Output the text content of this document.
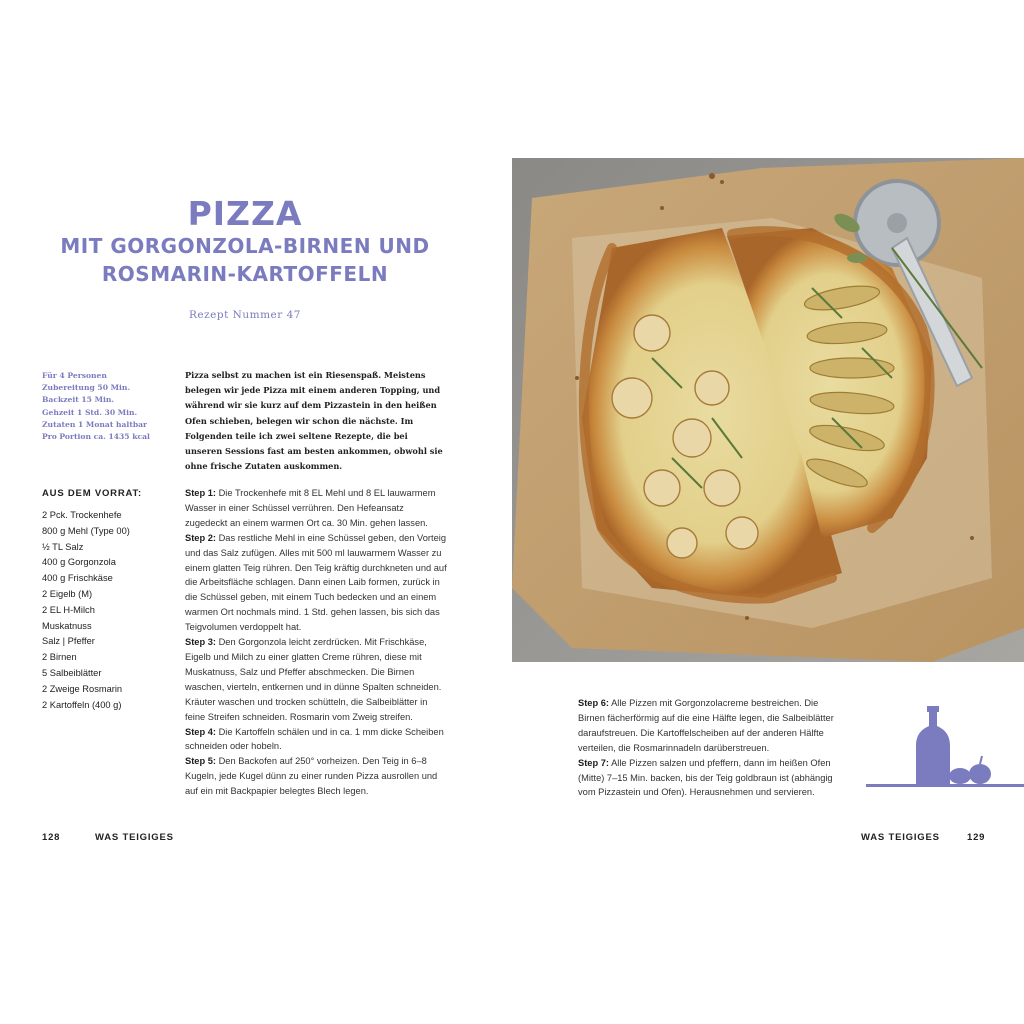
PIZZA
MIT GORGONZOLA-BIRNEN UND
ROSMARIN-KARTOFFELN
Rezept Nummer 47
Für 4 Personen
Zubereitung 50 Min.
Backzeit 15 Min.
Gehzeit 1 Std. 30 Min.
Zutaten 1 Monat haltbar
Pro Portion ca. 1435 kcal

Pizza selbst zu machen ist ein Riesenspaß. Meistens belegen wir jede Pizza mit einem anderen Topping, und während wir sie kurz auf dem Pizzastein in den heißen Ofen schieben, belegen wir schon die nächste. Im Folgenden teile ich zwei seltene Rezepte, die bei unseren Sessions fast am besten ankommen, obwohl sie ohne frische Zutaten auskommen.

AUS DEM VORRAT:
2 Pck. Trockenhefe
800 g Mehl (Type 00)
½ TL Salz
400 g Gorgonzola
400 g Frischkäse
2 Eigelb (M)
2 EL H-Milch
Muskatnuss
Salz | Pfeffer
2 Birnen
5 Salbeiblätter
2 Zweige Rosmarin
2 Kartoffeln (400 g)
Step 1: Die Trockenhefe mit 8 EL Mehl und 8 EL lauwarmem Wasser in einer Schüssel verrühren. Den Hefeansatz zugedeckt an einem warmen Ort ca. 30 Min. gehen lassen.
Step 2: Das restliche Mehl in eine Schüssel geben, den Vorteig und das Salz zufügen. Alles mit 500 ml lauwarmem Wasser zu einem glatten Teig rühren. Den Teig kräftig durchkneten und auf die Arbeitsfläche schlagen. Dann einen Laib formen, zurück in die Schüssel geben, mit einem Tuch bedecken und an einem warmen Ort nochmals mind. 1 Std. gehen lassen, bis sich das Teigvolumen verdoppelt hat.
Step 3: Den Gorgonzola leicht zerdrücken. Mit Frischkäse, Eigelb und Milch zu einer glatten Creme rühren, diese mit Muskatnuss, Salz und Pfeffer abschmecken. Die Birnen waschen, vierteln, entkernen und in dünne Spalten schneiden. Kräuter waschen und trocken schütteln, die Salbeiblätter in feine Streifen schneiden. Rosmarin vom Zweig streifen.
Step 4: Die Kartoffeln schälen und in ca. 1 mm dicke Scheiben schneiden oder hobeln.
Step 5: Den Backofen auf 250° vorheizen. Den Teig in 6–8 Kugeln, jede Kugel dünn zu einer runden Pizza ausrollen und auf ein mit Backpapier belegtes Blech legen.
Step 6: Alle Pizzen mit Gorgonzolacreme bestreichen. Die Birnen fächerförmig auf die eine Hälfte legen, die Salbeiblätter daraufstreuen. Die Kartoffelscheiben auf der anderen Hälfte verteilen, die Rosmarinnadeln darüberstreuen.
Step 7: Alle Pizzen salzen und pfeffern, dann im heißen Ofen (Mitte) 7–15 Min. backen, bis der Teig goldbraun ist (abhängig vom Pizzastein und Ofen). Herausnehmen und servieren.
128	WAS TEIGIGES	WAS TEIGIGES	129
